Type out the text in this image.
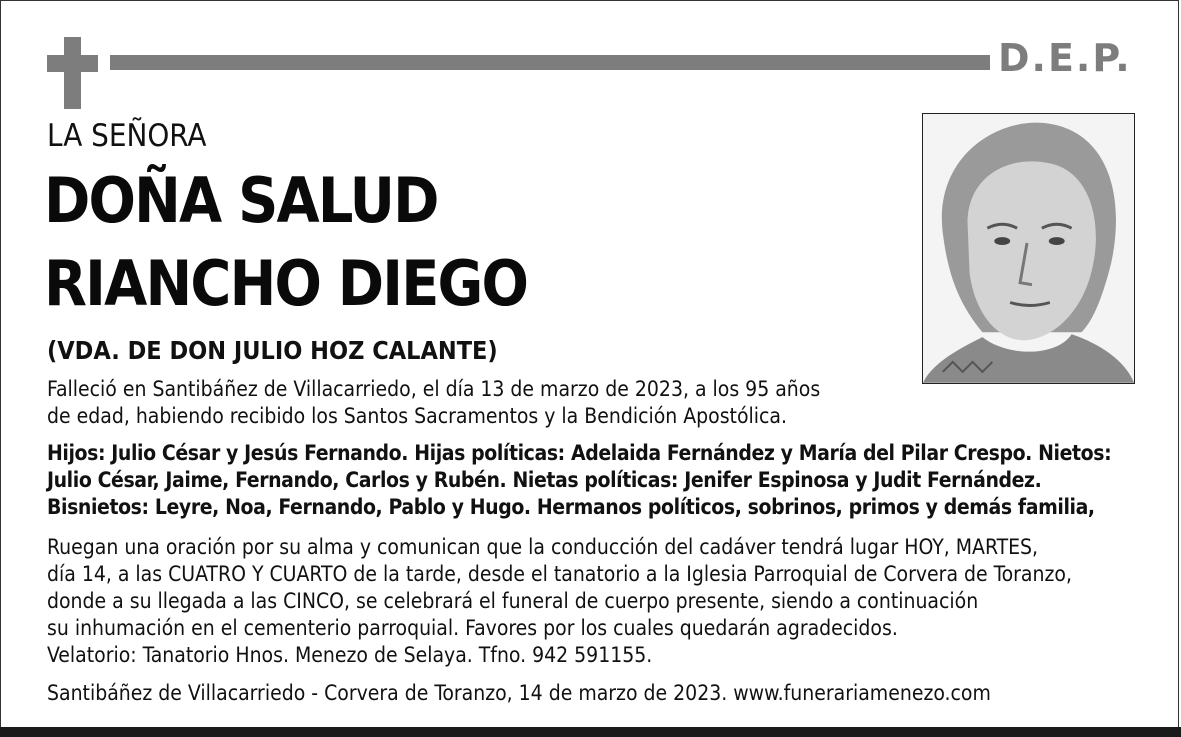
D.E.P.
LA SEÑORA
DOÑA SALUD
RIANCHO DIEGO
(VDA. DE DON JULIO HOZ CALANTE)
Falleció en Santibáñez de Villacarriedo, el día 13 de marzo de 2023, a los 95 años
de edad, habiendo recibido los Santos Sacramentos y la Bendición Apostólica.
Hijos: Julio César y Jesús Fernando. Hijas políticas: Adelaida Fernández y María del Pilar Crespo. Nietos:
Julio César, Jaime, Fernando, Carlos y Rubén. Nietas políticas: Jenifer Espinosa y Judit Fernández.
Bisnietos: Leyre, Noa, Fernando, Pablo y Hugo. Hermanos políticos, sobrinos, primos y demás familia,
Ruegan una oración por su alma y comunican que la conducción del cadáver tendrá lugar HOY, MARTES,
día 14, a las CUATRO Y CUARTO de la tarde, desde el tanatorio a la Iglesia Parroquial de Corvera de Toranzo,
donde a su llegada a las CINCO, se celebrará el funeral de cuerpo presente, siendo a continuación
su inhumación en el cementerio parroquial. Favores por los cuales quedarán agradecidos.
Velatorio: Tanatorio Hnos. Menezo de Selaya. Tfno. 942 591155.
Santibáñez de Villacarriedo - Corvera de Toranzo, 14 de marzo de 2023. www.funerariamenezo.com
